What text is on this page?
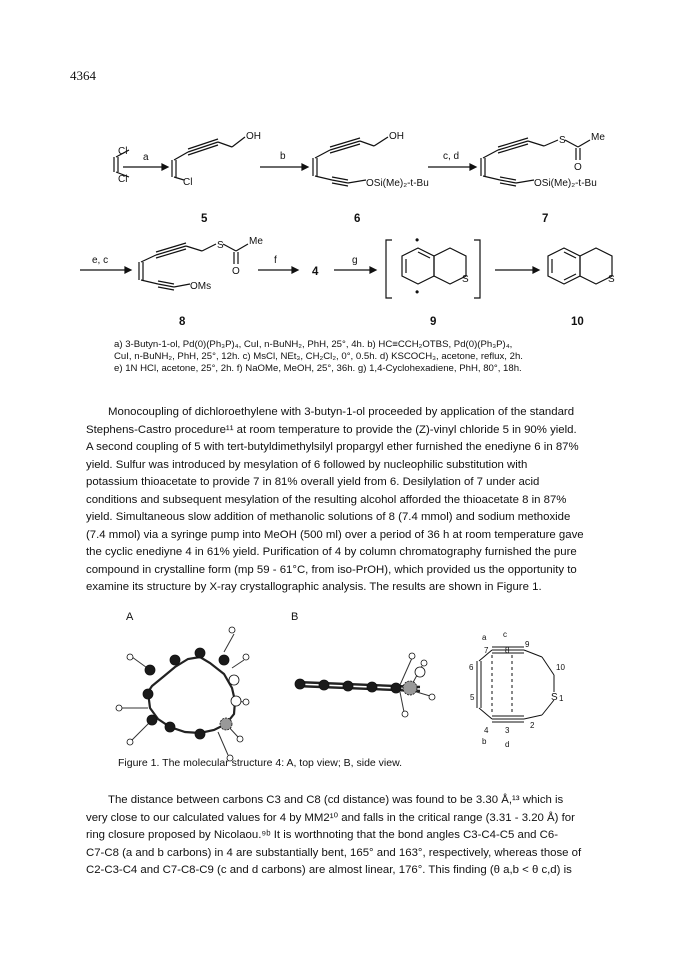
4364
Cl
Cl
a
OH
Cl
b
OH
OSi(Me)₂-t-Bu
c, d
S	Me
O
OSi(Me)₂-t-Bu
e, c
S	Me
O
OMs
f	g
S	S
•
•
5	6	7
8
4
9	10
a) 3-Butyn-1-ol, Pd(0)(Ph₃P)₄, CuI, n-BuNH₂, PhH, 25°, 4h. b) HC≡CCH₂OTBS, Pd(0)(Ph₃P)₄,
CuI, n-BuNH₂, PhH, 25°, 12h. c) MsCl, NEt₃, CH₂Cl₂, 0°, 0.5h. d) KSCOCH₃, acetone, reflux, 2h.
e) 1N HCl, acetone, 25°, 2h. f) NaOMe, MeOH, 25°, 36h. g) 1,4-Cyclohexadiene, PhH, 80°, 18h.

Monocoupling of dichloroethylene with 3-butyn-1-ol proceeded by application of the standard

Stephens-Castro procedure¹¹ at room temperature to provide the (Z)-vinyl chloride 5 in 90% yield.

A second coupling of 5 with tert-butyldimethylsilyl propargyl ether furnished the enediyne 6 in 87%

yield. Sulfur was introduced by mesylation of 6 followed by nucleophilic substitution with

potassium thioacetate to provide 7 in 81% overall yield from 6. Desilylation of 7 under acid

conditions and subsequent mesylation of the resulting alcohol afforded the thioacetate 8 in 87%

yield. Simultaneous slow addition of methanolic solutions of 8 (7.4 mmol) and sodium methoxide

(7.4 mmol) via a syringe pump into MeOH (500 ml) over a period of 36 h at room temperature gave

the cyclic enediyne 4 in 61% yield. Purification of 4 by column chromatography furnished the pure

compound in crystalline form (mp 59 - 61°C, from iso-PrOH), which provided us the opportunity to

examine its structure by X-ray crystallographic analysis. The results are shown in Figure 1.

A	B
c
a
7 8
9
6	10
5	S 1
4 3
2
b d
Figure 1. The molecular structure 4: A, top view; B, side view.

The distance between carbons C3 and C8 (cd distance) was found to be 3.30 Å,¹³ which is

very close to our calculated values for 4 by MM2¹⁰ and falls in the critical range (3.31 - 3.20 Å) for

ring closure proposed by Nicolaou.⁹ᵇ It is worthnoting that the bond angles C3-C4-C5 and C6-

C7-C8 (a and b carbons) in 4 are substantially bent, 165° and 163°, respectively, whereas those of

C2-C3-C4 and C7-C8-C9 (c and d carbons) are almost linear, 176°. This finding (θ a,b < θ c,d) is
